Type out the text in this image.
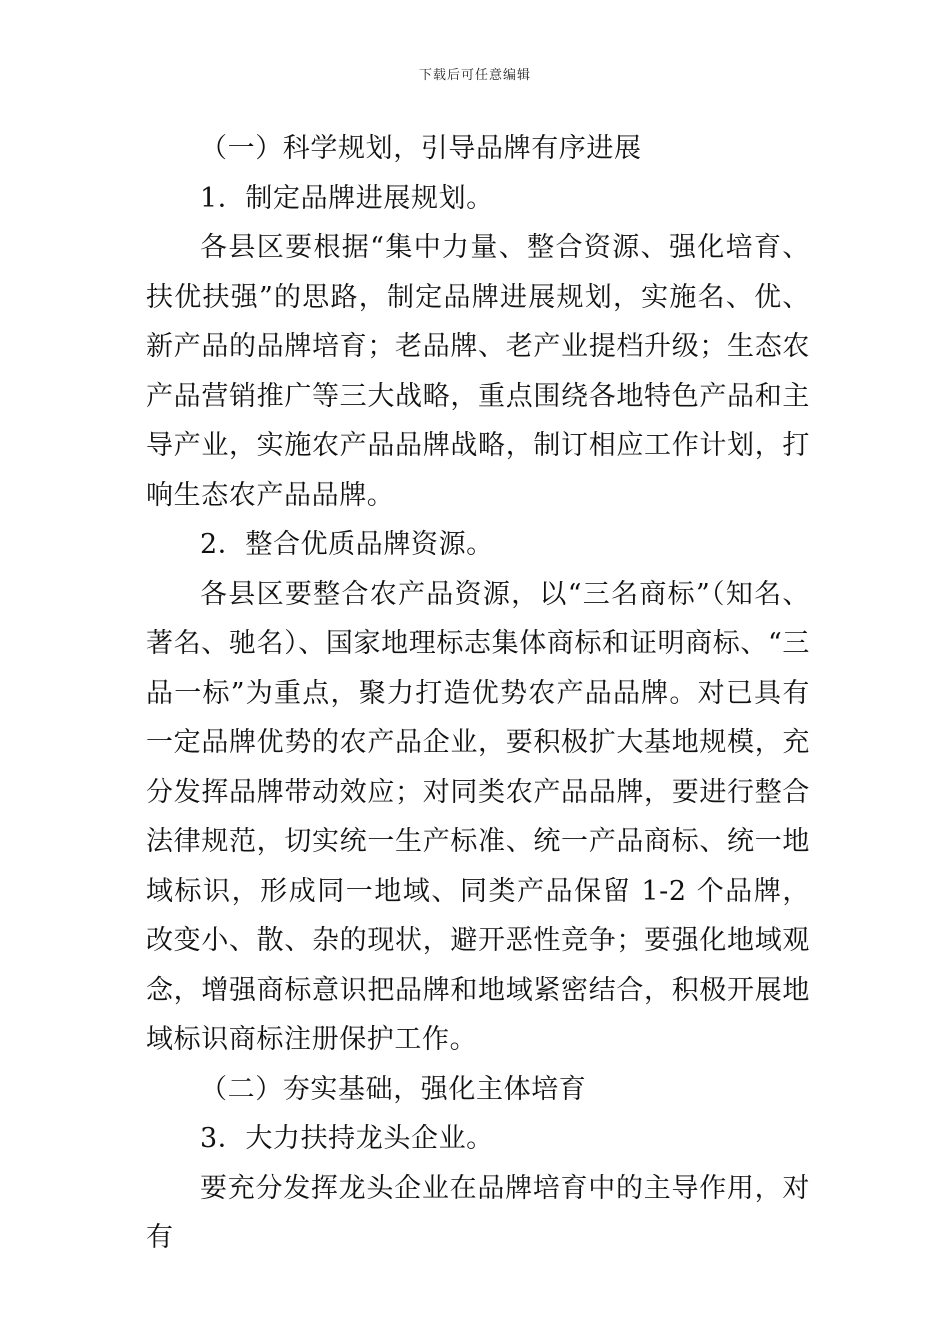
下载后可任意编辑

（一）科学规划，引导品牌有序进展

1．制定品牌进展规划。

各县区要根据“集中力量、整合资源、强化培育、扶优扶强”的思路，制定品牌进展规划，实施名、优、新产品的品牌培育；老品牌、老产业提档升级；生态农产品营销推广等三大战略，重点围绕各地特色产品和主导产业，实施农产品品牌战略，制订相应工作计划，打响生态农产品品牌。

2．整合优质品牌资源。

各县区要整合农产品资源，以“三名商标”（知名、著名、驰名）、国家地理标志集体商标和证明商标、“三品一标”为重点，聚力打造优势农产品品牌。对已具有一定品牌优势的农产品企业，要积极扩大基地规模，充分发挥品牌带动效应；对同类农产品品牌，要进行整合法律规范，切实统一生产标准、统一产品商标、统一地域标识，形成同一地域、同类产品保留 1-2 个品牌，改变小、散、杂的现状，避开恶性竞争；要强化地域观念，增强商标意识把品牌和地域紧密结合，积极开展地域标识商标注册保护工作。

（二）夯实基础，强化主体培育

3．大力扶持龙头企业。

要充分发挥龙头企业在品牌培育中的主导作用，对有
